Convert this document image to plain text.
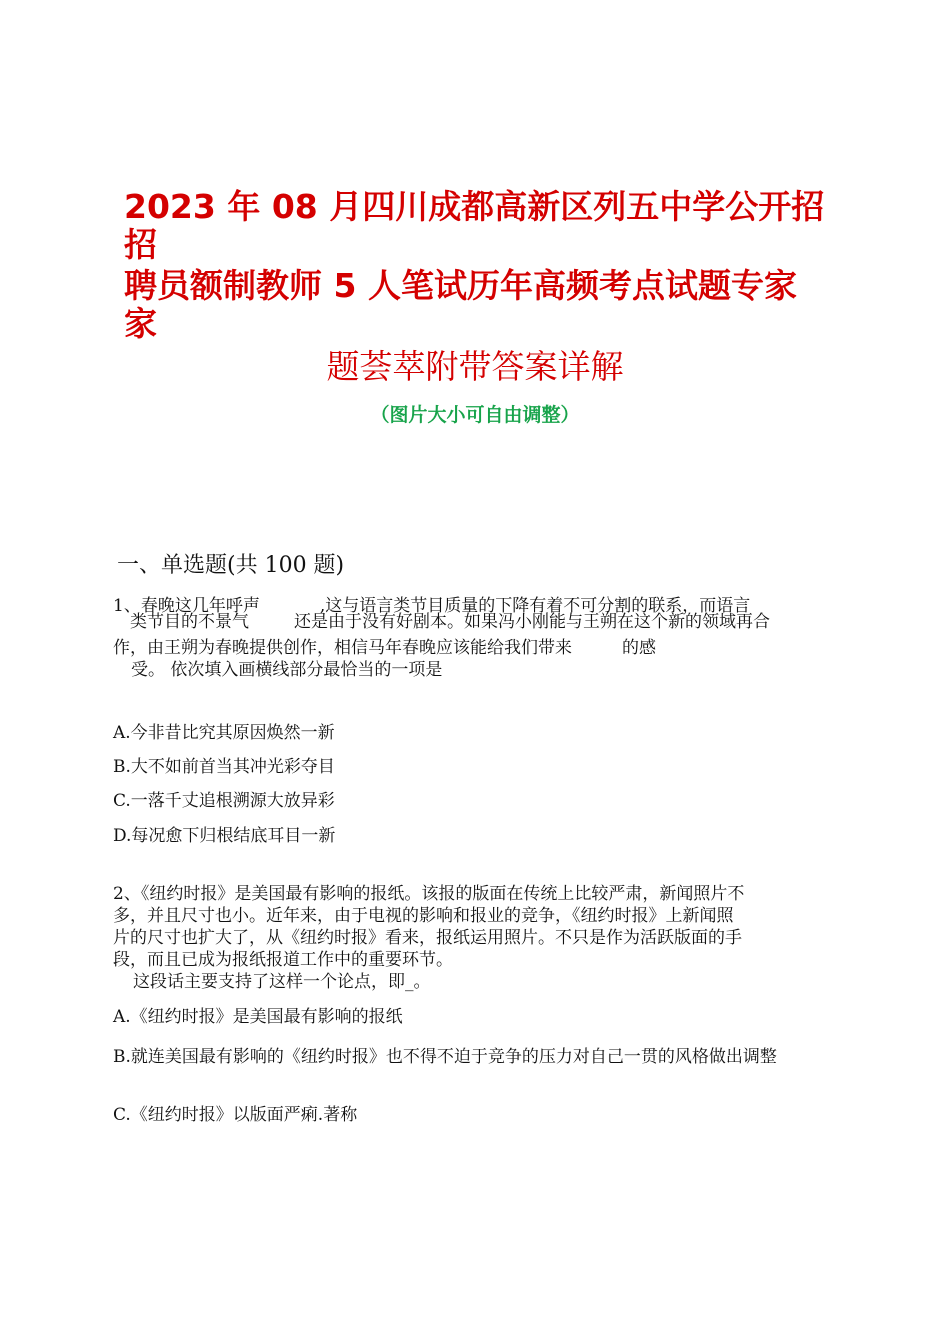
2023 年 08 月四川成都高新区列五中学公开招
招
聘员额制教师 5 人笔试历年高频考点试题专家
家
题荟萃附带答案详解
（图片大小可自由调整）
一、单选题(共 100 题)
1、春晚这几年呼声	,这与语言类节目质量的下降有着不可分割的联系，而语言
 类节目的不景气	还是由于没有好剧本。如果冯小刚能与王朔在这个新的领域再合
作，由王朔为春晚提供创作，相信马年春晚应该能给我们带来	的感
受。 依次填入画横线部分最恰当的一项是
A.今非昔比究其原因焕然一新
B.大不如前首当其冲光彩夺目
C.一落千丈追根溯源大放异彩
D.每况愈下归根结底耳目一新
2、《纽约时报》是美国最有影响的报纸。该报的版面在传统上比较严肃，新闻照片不
多，并且尺寸也小。近年来，由于电视的影响和报业的竞争，《纽约时报》上新闻照
片的尺寸也扩大了，从《纽约时报》看来，报纸运用照片。不只是作为活跃版面的手
段，而且已成为报纸报道工作中的重要环节。
这段话主要支持了这样一个论点，即_。
A.《纽约时报》是美国最有影响的报纸
B.就连美国最有影响的《纽约时报》也不得不迫于竞争的压力对自己一贯的风格做出调整
C.《纽约时报》以版面严痢.著称
